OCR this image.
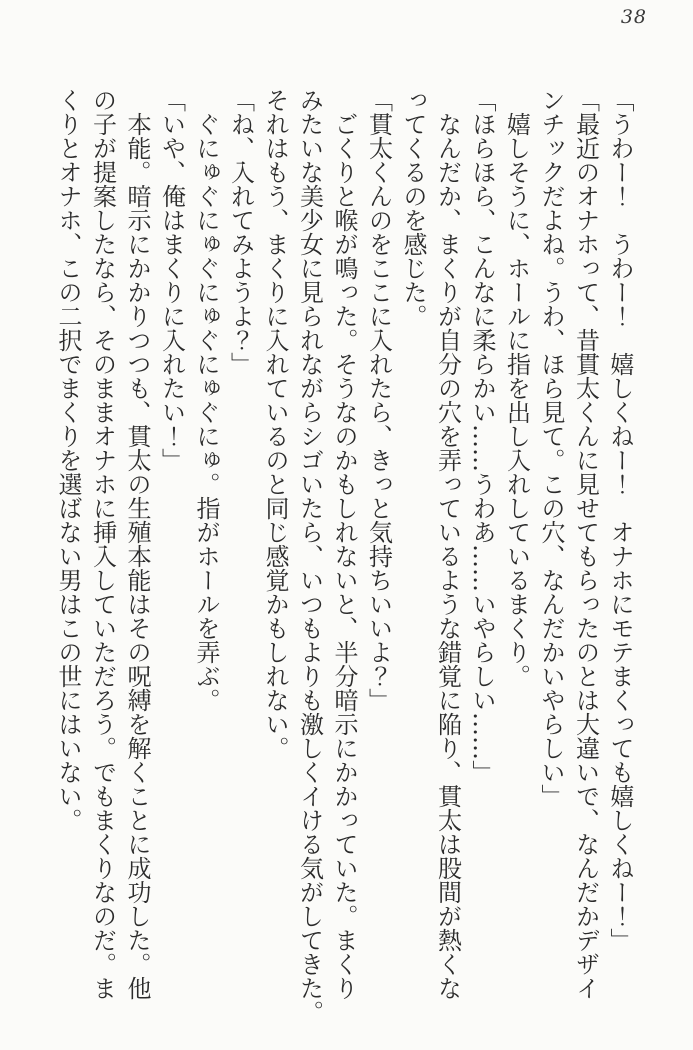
38
「うわー！　うわー！　嬉しくねー！　オナホにモテまくっても嬉しくねー！」
「最近のオナホって、昔貫太くんに見せてもらったのとは大違いで、なんだかデザイ
ンチックだよね。うわ、ほら見て。この穴、なんだかいやらしい」
嬉しそうに、ホールに指を出し入れしているまくり。
「ほらほら、こんなに柔らかい……うわあ……いやらしい……」
なんだか、まくりが自分の穴を弄っているような錯覚に陥り、貫太は股間が熱くな
ってくるのを感じた。
「貫太くんのをここに入れたら、きっと気持ちいいよ？」
ごくりと喉が鳴った。そうなのかもしれないと、半分暗示にかかっていた。まくり
みたいな美少女に見られながらシゴいたら、いつもよりも激しくイける気がしてきた。
それはもう、まくりに入れているのと同じ感覚かもしれない。
「ね、入れてみようよ？」
ぐにゅぐにゅぐにゅぐにゅぐにゅ。指がホールを弄ぶ。
「いや、俺はまくりに入れたい！」
本能。暗示にかかりつつも、貫太の生殖本能はその呪縛を解くことに成功した。他
の子が提案したなら、そのままオナホに挿入していただろう。でもまくりなのだ。ま
くりとオナホ、この二択でまくりを選ばない男はこの世にはいない。
